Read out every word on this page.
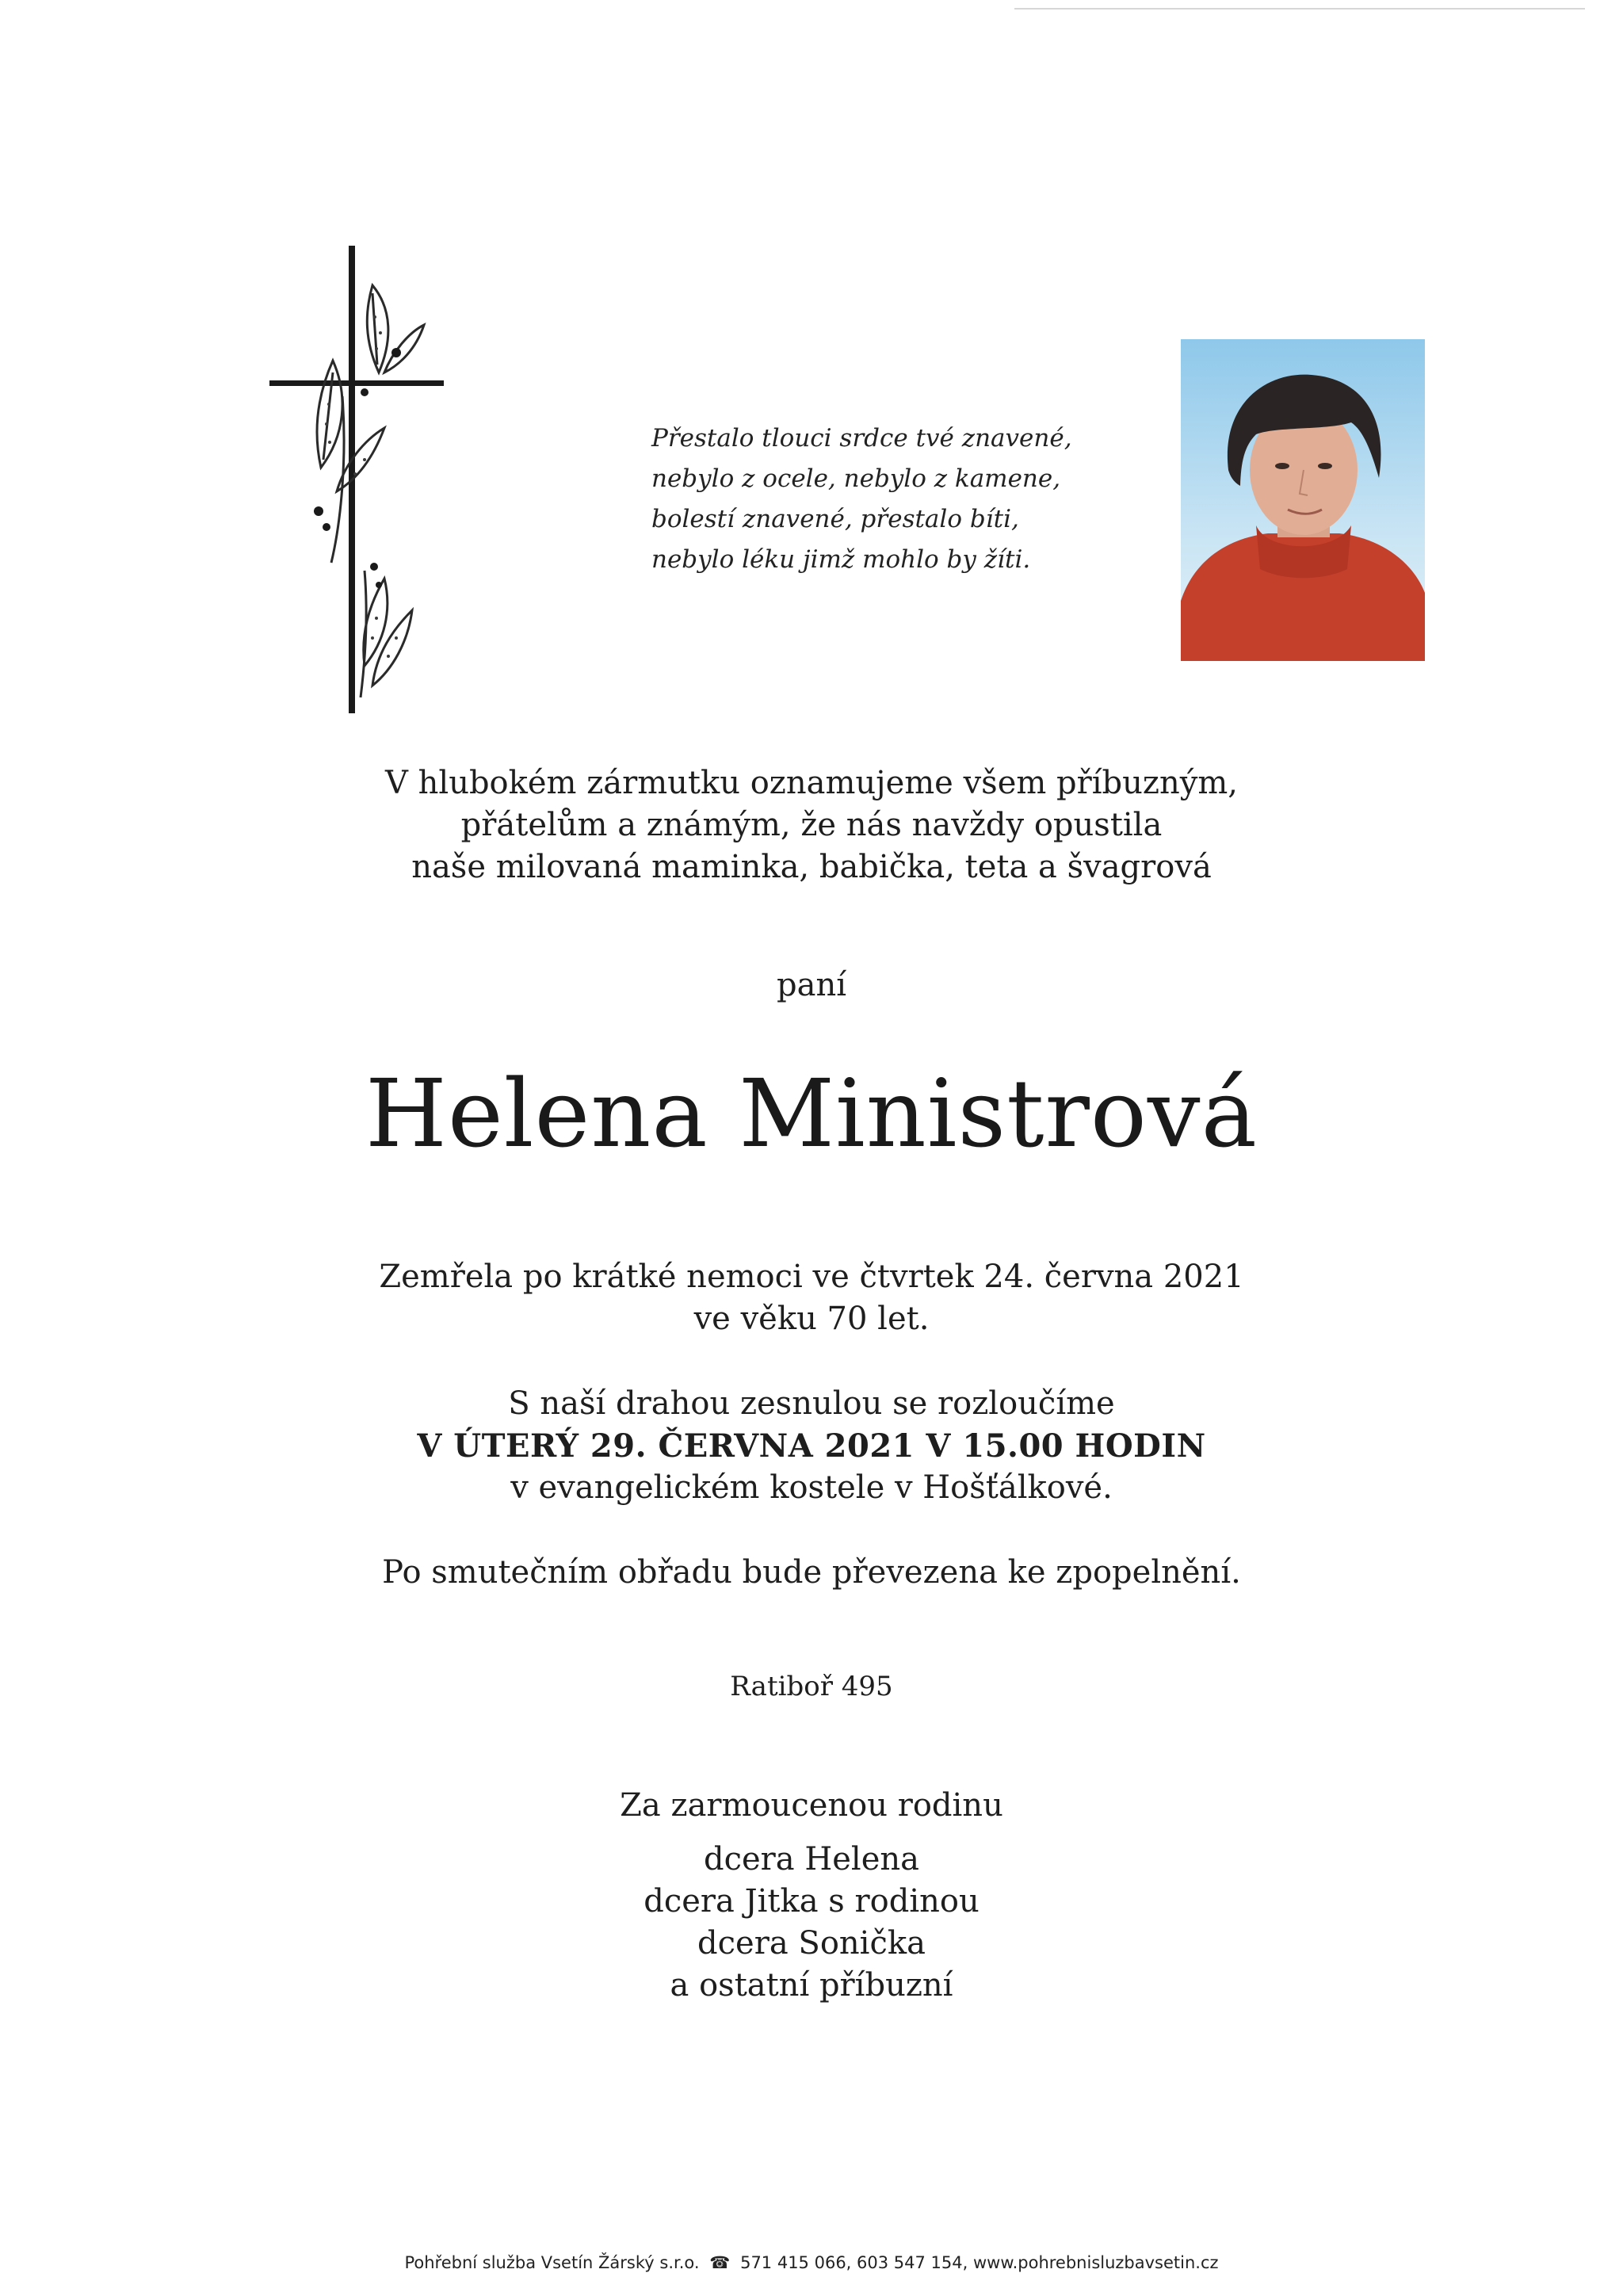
Přestalo tlouci srdce tvé znavené,
nebylo z ocele, nebylo z kamene,
bolestí znavené, přestalo bíti,
nebylo léku jimž mohlo by žíti.
V hlubokém zármutku oznamujeme všem příbuzným,
přátelům a známým, že nás navždy opustila
naše milovaná maminka, babička, teta a švagrová
paní
Helena Ministrová
Zemřela po krátké nemoci ve čtvrtek 24. června 2021
ve věku 70 let.
S naší drahou zesnulou se rozloučíme
V ÚTERÝ 29. ČERVNA 2021 V 15.00 HODIN
v evangelickém kostele v Hošťálkové.
Po smutečním obřadu bude převezena ke zpopelnění.
Ratiboř 495
Za zarmoucenou rodinu
dcera Helena
dcera Jitka s rodinou
dcera Sonička
a ostatní příbuzní
Pohřební služba Vsetín Žárský s.r.o. ☎ 571 415 066, 603 547 154, www.pohrebnisluzbavsetin.cz
